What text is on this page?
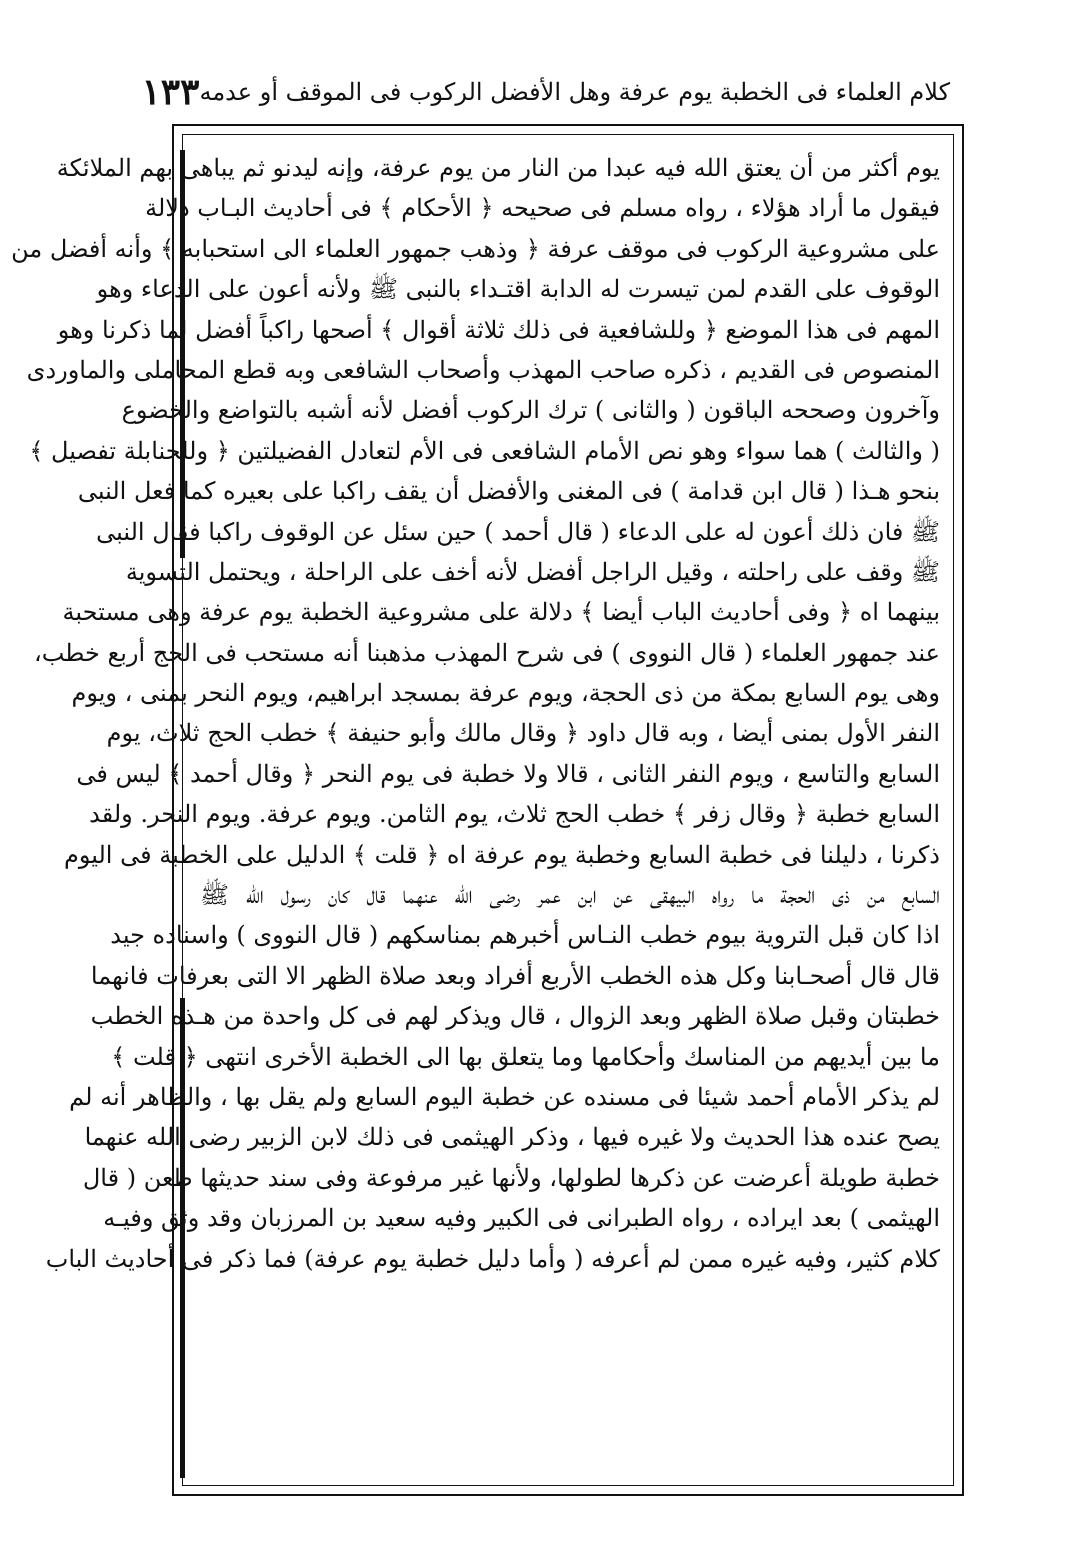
كلام العلماء فى الخطبة يوم عرفة وهل الأفضل الركوب فى الموقف أو عدمه
١٣٣
يوم أكثر من أن يعتق الله فيه عبدا من النار من يوم عرفة، وإنه ليدنو ثم يباهى بهم الملائكة
فيقول ما أراد هؤلاء ، رواه مسلم فى صحيحه ﴿ الأحكام ﴾ فى أحاديث البـاب دلالة
على مشروعية الركوب فى موقف عرفة ﴿ وذهب جمهور العلماء الى استحبابه ﴾ وأنه أفضل من
الوقوف على القدم لمن تيسرت له الدابة اقتـداء بالنبى ﷺ ولأنه أعون على الدعاء وهو
المهم فى هذا الموضع ﴿ وللشافعية فى ذلك ثلاثة أقوال ﴾ أصحها راكباً أفضل لما ذكرنا وهو
المنصوص فى القديم ، ذكره صاحب المهذب وأصحاب الشافعى وبه قطع المحاملى والماوردى
وآخرون وصححه الباقون ( والثانى ) ترك الركوب أفضل لأنه أشبه بالتواضع والخضوع
( والثالث ) هما سواء وهو نص الأمام الشافعى فى الأم لتعادل الفضيلتين ﴿ وللحنابلة تفصيل ﴾
بنحو هـذا ( قال ابن قدامة ) فى المغنى والأفضل أن يقف راكبا على بعيره كما فعل النبى
ﷺ فان ذلك أعون له على الدعاء ( قال أحمد ) حين سئل عن الوقوف راكبا فقال النبى
ﷺ وقف على راحلته ، وقيل الراجل أفضل لأنه أخف على الراحلة ، ويحتمل التسوية
بينهما اه ﴿ وفى أحاديث الباب أيضا ﴾ دلالة على مشروعية الخطبة يوم عرفة وهى مستحبة
عند جمهور العلماء ( قال النووى ) فى شرح المهذب مذهبنا أنه مستحب فى الحج أربع خطب،
وهى يوم السابع بمكة من ذى الحجة، ويوم عرفة بمسجد ابراهيم، ويوم النحر بمنى ، ويوم
النفر الأول بمنى أيضا ، وبه قال داود ﴿ وقال مالك وأبو حنيفة ﴾ خطب الحج ثلاث، يوم
السابع والتاسع ، ويوم النفر الثانى ، قالا ولا خطبة فى يوم النحر ﴿ وقال أحمد ﴾ ليس فى
السابع خطبة ﴿ وقال زفر ﴾ خطب الحج ثلاث، يوم الثامن. ويوم عرفة. ويوم النحر. ولقد
ذكرنا ، دليلنا فى خطبة السابع وخطبة يوم عرفة اه ﴿ قلت ﴾ الدليل على الخطبة فى اليوم
السابع من ذى الحجة ما رواه البيهقى عن ابن عمر رضى الله عنهما قال كان رسول الله ﷺ
اذا كان قبل التروية بيوم خطب النـاس أخبرهم بمناسكهم ( قال النووى ) واسناده جيد
قال قال أصحـابنا وكل هذه الخطب الأربع أفراد وبعد صلاة الظهر الا التى بعرفات فانهما
خطبتان وقبل صلاة الظهر وبعد الزوال ، قال ويذكر لهم فى كل واحدة من هـذه الخطب
ما بين أيديهم من المناسك وأحكامها وما يتعلق بها الى الخطبة الأخرى انتهى ﴿ قلت ﴾
لم يذكر الأمام أحمد شيئا فى مسنده عن خطبة اليوم السابع ولم يقل بها ، والظاهر أنه لم
يصح عنده هذا الحديث ولا غيره فيها ، وذكر الهيثمى فى ذلك لابن الزبير رضى الله عنهما
خطبة طويلة أعرضت عن ذكرها لطولها، ولأنها غير مرفوعة وفى سند حديثها طعن ( قال
الهيثمى ) بعد ايراده ، رواه الطبرانى فى الكبير وفيه سعيد بن المرزبان وقد وثق وفيـه
كلام كثير، وفيه غيره ممن لم أعرفه ( وأما دليل خطبة يوم عرفة) فما ذكر فى أحاديث الباب
